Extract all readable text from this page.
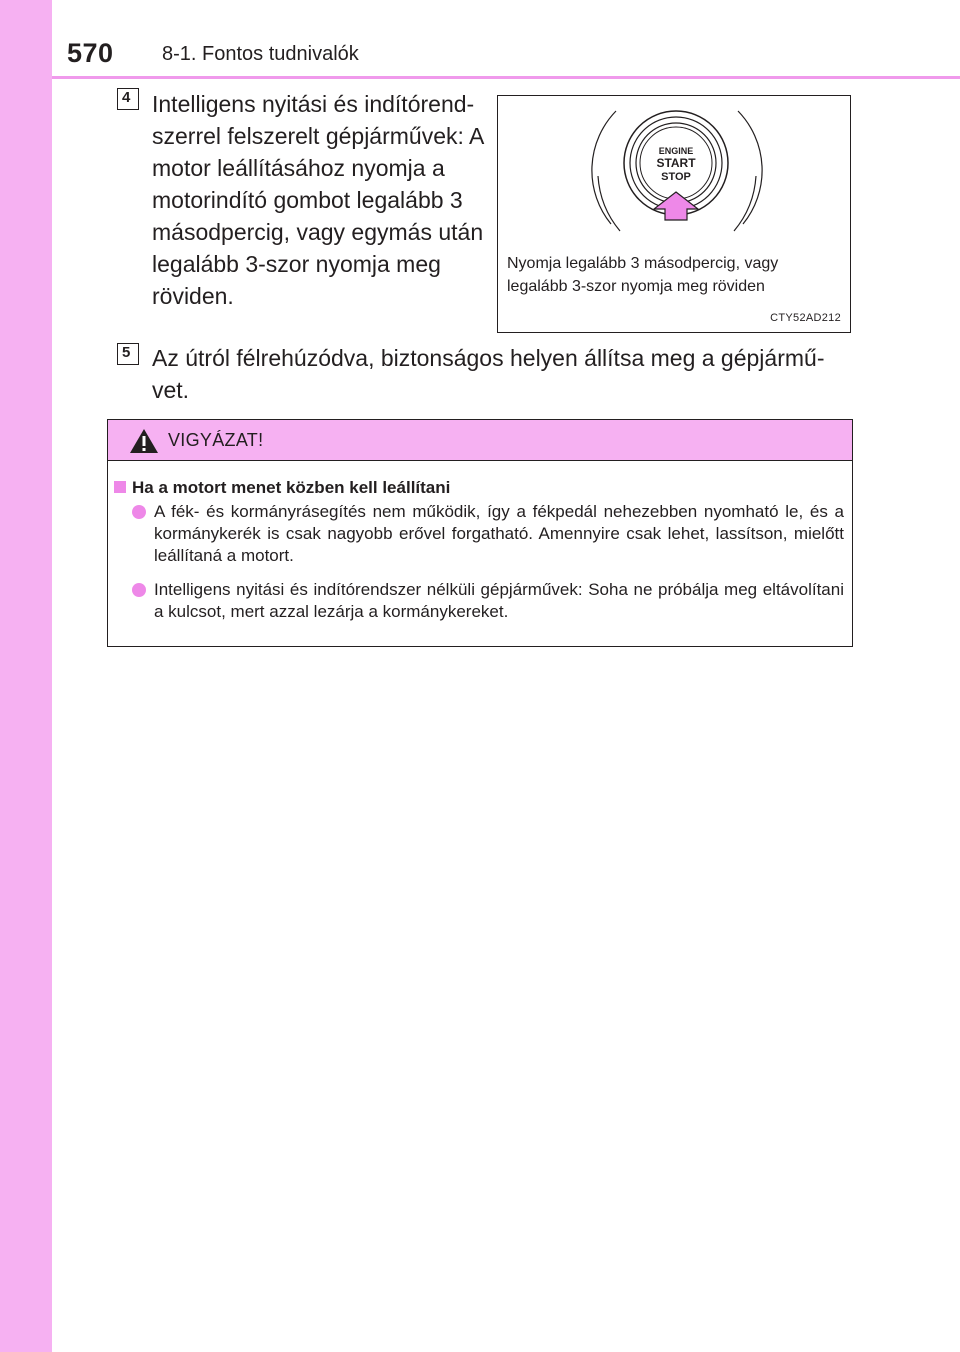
570 8-1. Fontos tudnivalók
4 Intelligens nyitási és indítórend-szerrel felszerelt gépjárművek: A motor leállításához nyomja a motorindító gombot legalább 3 másodpercig, vagy egymás után legalább 3-szor nyomja meg röviden.
ENGINE
START
STOP
Nyomja legalább 3 másodpercig, vagy legalább 3-szor nyomja meg röviden
CTY52AD212
5 Az útról félrehúzódva, biztonságos helyen állítsa meg a gépjármű-vet.
VIGYÁZAT!
Ha a motort menet közben kell leállítani

A fék- és kormányrásegítés nem működik, így a fékpedál nehezebben nyomható le, és a kormánykerék is csak nagyobb erővel forgatható. Amennyire csak lehet, lassítson, mielőtt leállítaná a motort.

Intelligens nyitási és indítórendszer nélküli gépjárművek: Soha ne próbálja meg eltávolítani a kulcsot, mert azzal lezárja a kormánykereket.
